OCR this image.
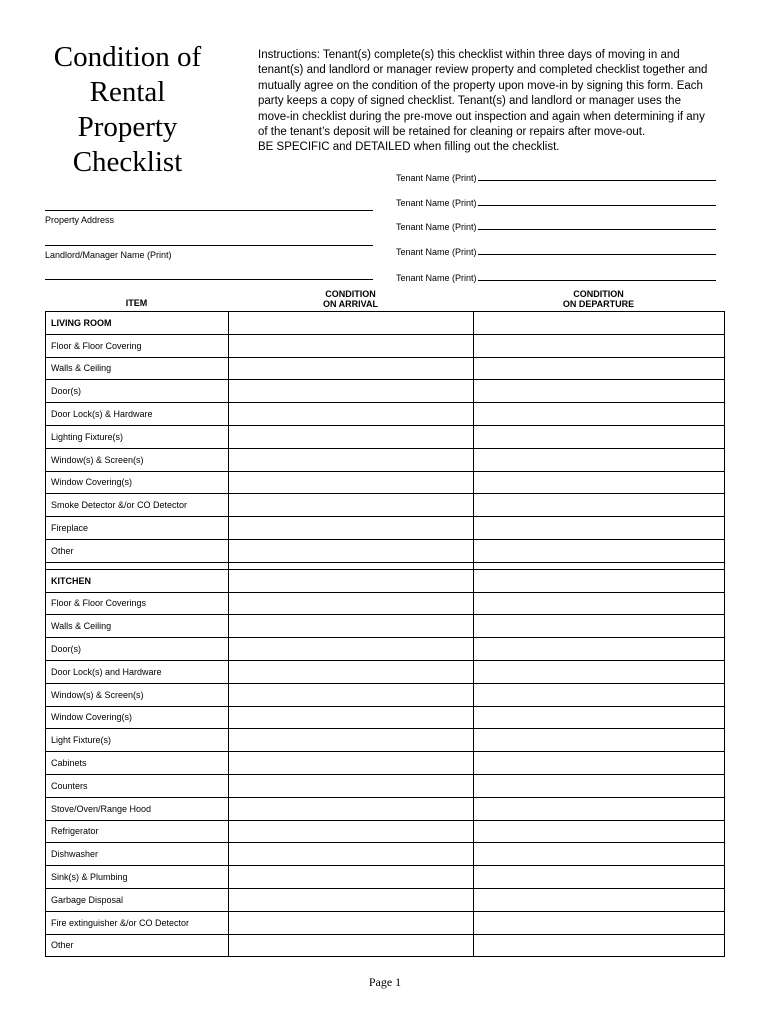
Condition of
Rental
Property
Checklist

Instructions: Tenant(s) complete(s) this checklist within three days of moving in and

tenant(s) and landlord or manager review property and completed checklist together and

mutually agree on the condition of the property upon move-in by signing this form. Each

party keeps a copy of signed checklist. Tenant(s) and landlord or manager uses the

move-in checklist during the pre-move out inspection and again when determining if any

of the tenant’s deposit will be retained for cleaning or repairs after move-out.

BE SPECIFIC and DETAILED when filling out the checklist.

Tenant Name (Print)
Tenant Name (Print)
Tenant Name (Print)
Tenant Name (Print)
Tenant Name (Print)
Property Address
Landlord/Manager Name (Print)
ITEM
CONDITION
ON ARRIVAL
CONDITION
ON DEPARTURE
LIVING ROOM		
Floor & Floor Covering		
Walls & Ceiling		
Door(s)		
Door Lock(s) & Hardware		
Lighting Fixture(s)		
Window(s) & Screen(s)		
Window Covering(s)		
Smoke Detector &/or CO Detector		
Fireplace		
Other		

KITCHEN		
Floor & Floor Coverings		
Walls & Ceiling		
Door(s)		
Door Lock(s) and Hardware		
Window(s) & Screen(s)		
Window Covering(s)		
Light Fixture(s)		
Cabinets		
Counters		
Stove/Oven/Range Hood		
Refrigerator		
Dishwasher		
Sink(s) & Plumbing		
Garbage Disposal		
Fire extinguisher &/or CO Detector		
Other		
Page 1
